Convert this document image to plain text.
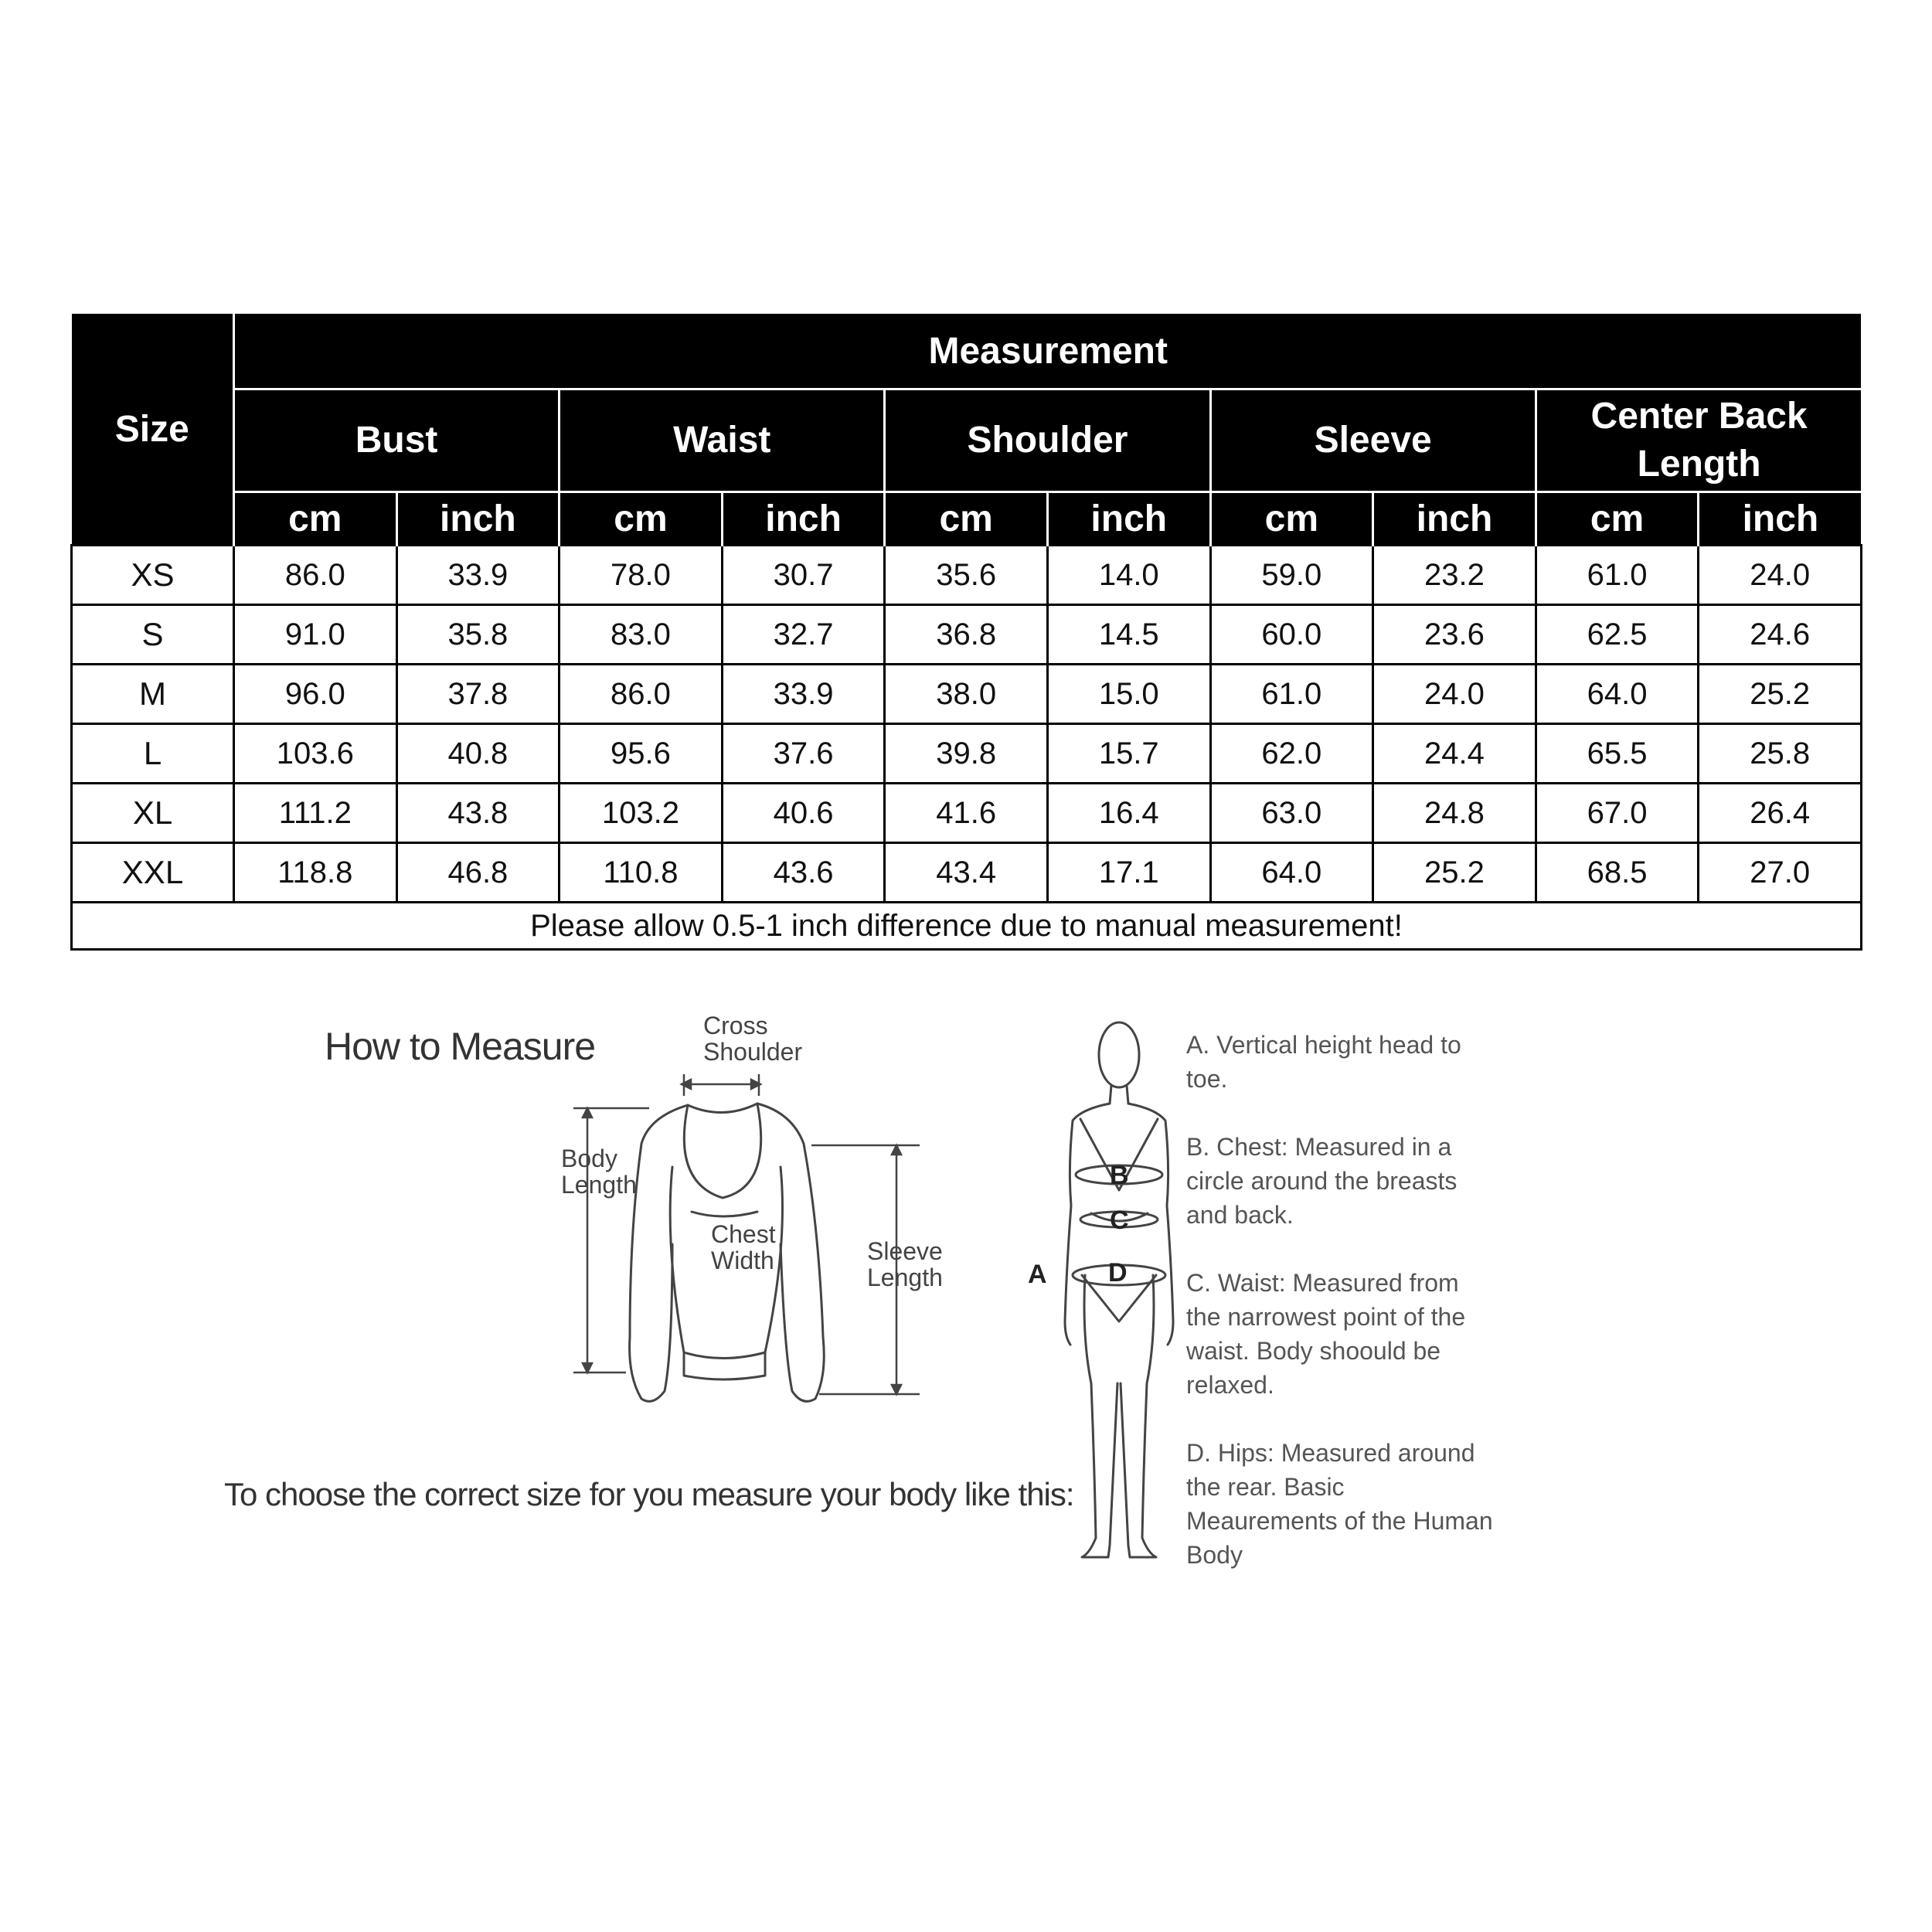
Size	Measurement									
	Bust		Waist		Shoulder		Sleeve		Center Back Length	
	cm	inch	cm	inch	cm	inch	cm	inch	cm	inch
XS	86.0	33.9	78.0	30.7	35.6	14.0	59.0	23.2	61.0	24.0
S	91.0	35.8	83.0	32.7	36.8	14.5	60.0	23.6	62.5	24.6
M	96.0	37.8	86.0	33.9	38.0	15.0	61.0	24.0	64.0	25.2
L	103.6	40.8	95.6	37.6	39.8	15.7	62.0	24.4	65.5	25.8
XL	111.2	43.8	103.2	40.6	41.6	16.4	63.0	24.8	67.0	26.4
XXL	118.8	46.8	110.8	43.6	43.4	17.1	64.0	25.2	68.5	27.0
Please allow 0.5-1 inch difference due to manual measurement!										
How to Measure	Cross
Shoulder
Body
Length
Chest
Width	Sleeve
Length	A
B
C
D
A. Vertical height head to toe.
B. Chest: Measured in a circle around the breasts and back.
C. Waist: Measured from the narrowest point of the waist. Body shoould be relaxed.
D. Hips: Measured around the rear. Basic Meaurements of the Human Body
To choose the correct size for you measure your body like this:
